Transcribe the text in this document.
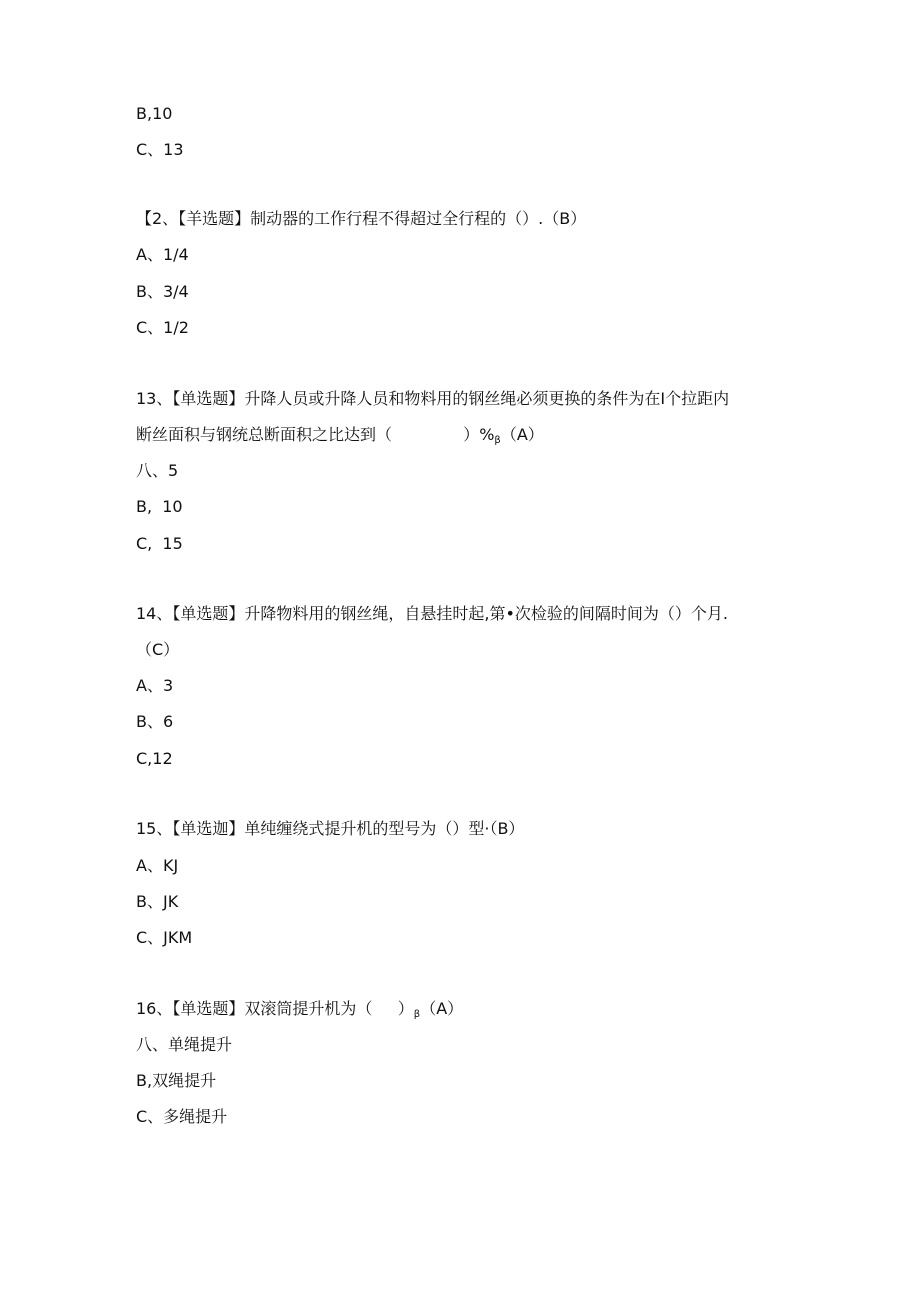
B,10

C、13

【2、【羊选题】制动器的工作行程不得超过全行程的（）.（B）

A、1/4

B、3/4

C、1/2

13、【单选题】升降人员或升降人员和物料用的钢丝绳必须更换的条件为在I个拉距内

断丝面积与钢统总断面积之比达到（              ）$\%_\beta(A)$

八、5

B,  10

C,  15

14、【单选题】升降物料用的钢丝绳，自悬挂时起,第•次检验的间隔时间为（）个月.

（C）

A、3

B、6

C,12

15、【单选迦】单纯缠绕式提升机的型号为（）型·（B）

A、KJ

B、JK

C、JKM

16、【单选题】双滚筒提升机为（     ）$_\beta(A)$

八、单绳提升

B,双绳提升

C、多绳提升
